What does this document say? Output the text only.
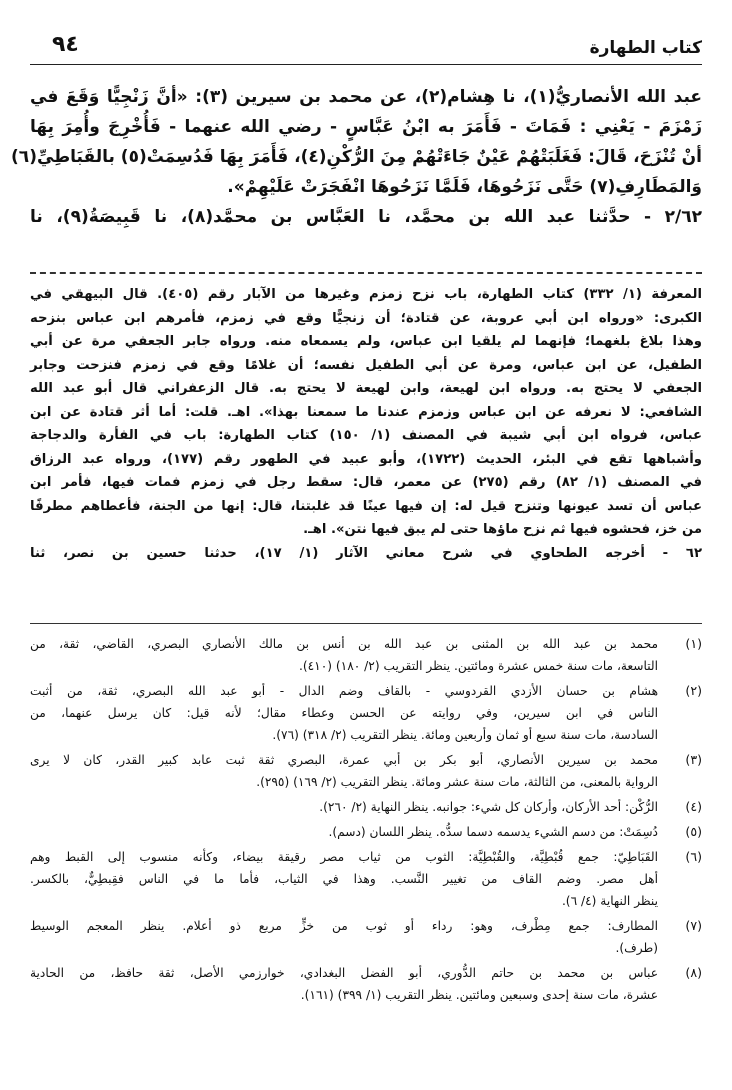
كتاب الطهارة
٩٤
عبد الله الأنصاريُّ(١)، نا هِشام(٢)، عن محمد بن سيرين (٣): «أنَّ زَنْجِيًّا وَقَعَ في
زَمْزَمَ - يَعْنِي : فَمَاتَ - فَأَمَرَ به ابْنُ عَبَّاسٍ - رضي الله عنهما - فَأُخْرِجَ وأُمِرَ بِهَا
أنْ تُنْزَحَ، قَالَ: فَغَلَبَتْهُمْ عَيْنٌ جَاءَتْهُمْ مِنَ الرُّكْنِ(٤)، فَأَمَرَ بِهَا فَدُسِمَتْ(٥) بالقَبَاطِيِّ(٦)
وَالمَطَارِفِ(٧) حَتَّى نَزَحُوهَا، فَلَمَّا نَزَحُوهَا انْفَجَرَتْ عَلَيْهِمْ».
٢/٦٢ - حدَّثنا عبد الله بن محمَّد، نا العَبَّاس بن محمَّد(٨)، نا قَبِيصَةُ(٩)، نا
المعرفة (١/ ٣٣٢) كتاب الطهارة، باب نزح زمزم وغيرها من الآبار رقم (٤٠٥). قال البيهقي في
الكبرى: «ورواه ابن أبي عروبة، عن قتادة؛ أن زنجيًّا وقع في زمزم، فأمرهم ابن عباس بنزحه
وهذا بلاغ بلغهما؛ فإنهما لم يلقيا ابن عباس، ولم يسمعاه منه. ورواه جابر الجعفي مرة عن أبي
الطفيل، عن ابن عباس، ومرة عن أبي الطفيل نفسه؛ أن غلامًا وقع في زمزم فنزحت وجابر
الجعفي لا يحتج به. ورواه ابن لهيعة، وابن لهيعة لا يحتج به. قال الزعفراني قال أبو عبد الله
الشافعي: لا نعرفه عن ابن عباس وزمزم عندنا ما سمعنا بهذا». اهـ. قلت: أما أثر قتادة عن ابن
عباس، فرواه ابن أبي شيبة في المصنف (١/ ١٥٠) كتاب الطهارة: باب في الفأرة والدجاجة
وأشباهها تقع في البئر، الحديث (١٧٢٢)، وأبو عبيد في الطهور رقم (١٧٧)، ورواه عبد الرزاق
في المصنف (١/ ٨٢) رقم (٢٧٥) عن معمر، قال: سقط رجل في زمزم فمات فيها، فأمر ابن
عباس أن تسد عيونها وتنزح قيل له: إن فيها عينًا قد غلبتنا، قال: إنها من الجنة، فأعطاهم مطرفًا
من خز، فحشوه فيها ثم نزح ماؤها حتى لم يبق فيها نتن». اهـ.
٦٢ - أخرجه الطحاوي في شرح معاني الآثار (١/ ١٧)، حدثنا حسين بن نصر، ثنا
(١)
محمد بن عبد الله بن المثنى بن عبد الله بن أنس بن مالك الأنصاري البصري، القاضي، ثقة، من
التاسعة، مات سنة خمس عشرة ومائتين. ينظر التقريب (٢/ ١٨٠) (٤١٠).
(٢)
هشام بن حسان الأزدي القردوسي - بالقاف وضم الدال - أبو عبد الله البصري، ثقة، من أثبت
الناس في ابن سيرين، وفي روايته عن الحسن وعطاء مقال؛ لأنه قيل: كان يرسل عنهما، من
السادسة، مات سنة سبع أو ثمان وأربعين ومائة. ينظر التقريب (٢/ ٣١٨) (٧٦).
(٣)
محمد بن سيرين الأنصاري، أبو بكر بن أبي عمرة، البصري ثقة ثبت عابد كبير القدر، كان لا يرى
الرواية بالمعنى، من الثالثة، مات سنة عشر ومائة. ينظر التقريب (٢/ ١٦٩) (٢٩٥).
(٤)
الرُّكْن: أحد الأركان، وأركان كل شيء: جوانبه. ينظر النهاية (٢/ ٢٦٠).
(٥)
دُسِمَتْ: من دسم الشيء يدسمه دسما سدُّه. ينظر اللسان (دسم).
(٦)
القَبَاطِيّ: جمع قُبْطِيَّة، والقُبْطِيَّة: الثوب من ثياب مصر رقيقة بيضاء، وكأنه منسوب إلى القبط وهم
أهل مصر. وضم القاف من تغيير النَّسب. وهذا في الثياب، فأما ما في الناس فقِبطِيٌّ، بالكسر.
ينظر النهاية (٤/ ٦).
(٧)
المطارف: جمع مِطْرف، وهو: رداء أو ثوب من خزٍّ مربع ذو أعلام. ينظر المعجم الوسيط
(طرف).
(٨)
عباس بن محمد بن حاتم الدُّوري، أبو الفضل البغدادي، خوارزمي الأصل، ثقة حافظ، من الحادية
عشرة، مات سنة إحدى وسبعين ومائتين. ينظر التقريب (١/ ٣٩٩) (١٦١).
